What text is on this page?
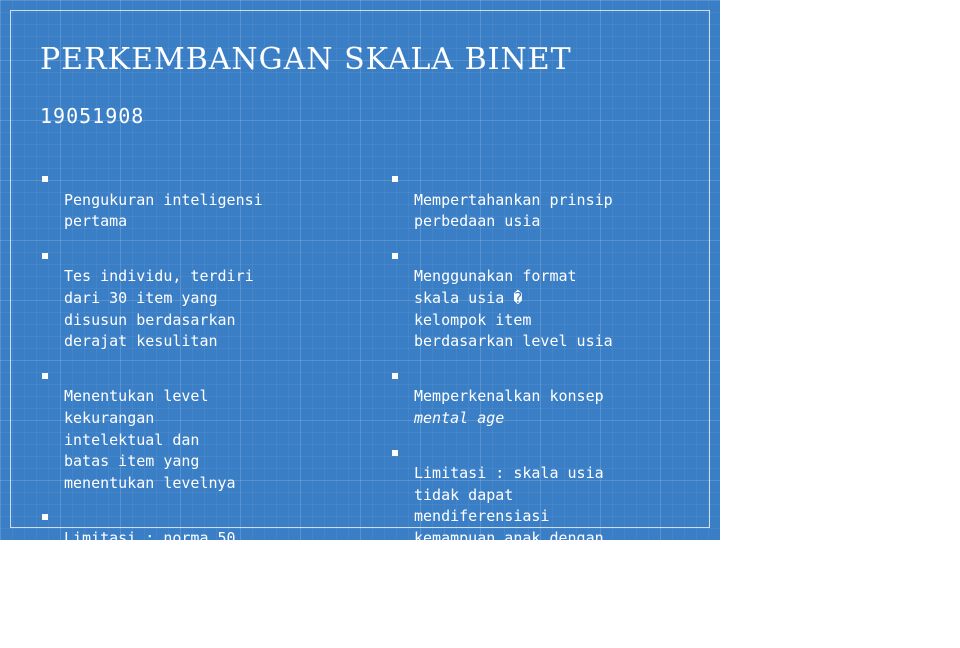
PERKEMBANGAN SKALA BINET
19051908

Pengukuran inteligensi
pertama

Tes individu, terdiri
dari 30 item yang
disusun berdasarkan
derajat kesulitan

Menentukan level
kekurangan
intelektual dan
batas item yang
menentukan levelnya

Limitasi : norma 50
anak normal,
dokumentasi validitas,
unit pengukuran

Mempertahankan prinsip
perbedaan usia

Menggunakan format
skala usia �
kelompok item
berdasarkan level usia

Memperkenalkan konsep
mental age

Limitasi : skala usia
tidak dapat
mendiferensiasi
kemampuan anak dengan
baik, skor tungal
yang punya titik
berat pada area
verbal
